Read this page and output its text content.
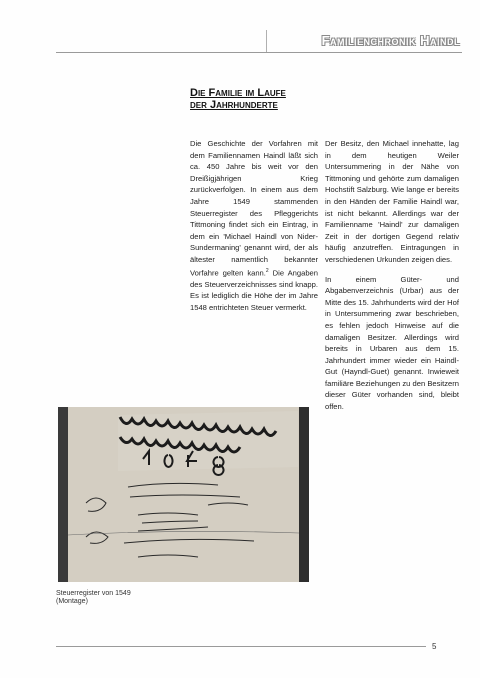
Familienchronik Haindl
Die Familie im Laufe
der Jahrhunderte

Die Geschichte der Vorfahren mit dem Familiennamen Haindl läßt sich ca. 450 Jahre bis weit vor den Dreißigjährigen Krieg zurückverfolgen. In einem aus dem Jahre 1549 stammenden Steuerregister des Pfleggerichts Tittmoning findet sich ein Eintrag, in dem ein 'Michael Haindl von Nider-Sundermaning' genannt wird, der als ältester namentlich bekannter Vorfahre gelten kann.$^2$ Die Angaben des Steuerverzeichnisses sind knapp. Es ist lediglich die Höhe der im Jahre 1548 entrichteten Steuer vermerkt.

Der Besitz, den Michael innehatte, lag in dem heutigen Weiler Untersummering in der Nähe von Tittmoning und gehörte zum damaligen Hochstift Salzburg. Wie lange er bereits in den Händen der Familie Haindl war, ist nicht bekannt. Allerdings war der Familienname 'Haindl' zur damaligen Zeit in der dortigen Gegend relativ häufig anzutreffen. Eintragungen in verschiedenen Urkunden zeigen dies.

In einem Güter- und Abgabenverzeichnis (Urbar) aus der Mitte des 15. Jahrhunderts wird der Hof in Untersummering zwar beschrieben, es fehlen jedoch Hinweise auf die damaligen Besitzer. Allerdings wird bereits in Urbaren aus dem 15. Jahrhundert immer wieder ein Haindl-Gut (Hayndl-Guet) genannt. Inwieweit familiäre Beziehungen zu den Besitzern dieser Güter vorhanden sind, bleibt offen.

Steuerregister von 1549
(Montage)
5
